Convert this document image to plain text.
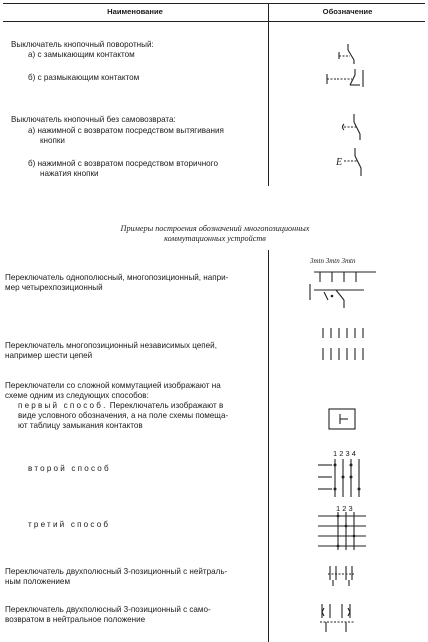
Наименование	Обозначение
Выключатель кнопочный поворотный:
а) с замыкающим контактом
б) с размыкающим контактом
Выключатель кнопочный без самовозврата:
а) нажимной с возвратом посредством вытягивания
кнопки
б) нажимной с возвратом посредством вторичного
нажатия кнопки
E
Примеры построения обозначений многопозиционных
коммутационных устройств
Переключатель однополюсный, многопозиционный, напри-
мер четырехпозиционный
Переключатель многопозиционный независимых цепей,
например шести цепей
Переключатели со сложной коммутацией изображают на
схеме одним из следующих способов:
первый способ. Переключатель изображают в
виде условного обозначения, а на поле схемы помеща-
ют таблицу замыкания контактов
второй способ
третий способ
Переключатель двухполюсный 3-позиционный с нейтраль-
ным положением
Переключатель двухполюсный 3-позиционный с само-
возвратом в нейтральное положение
3mtn 3mtn 3mtn
1 2 3 4
1 2 3
